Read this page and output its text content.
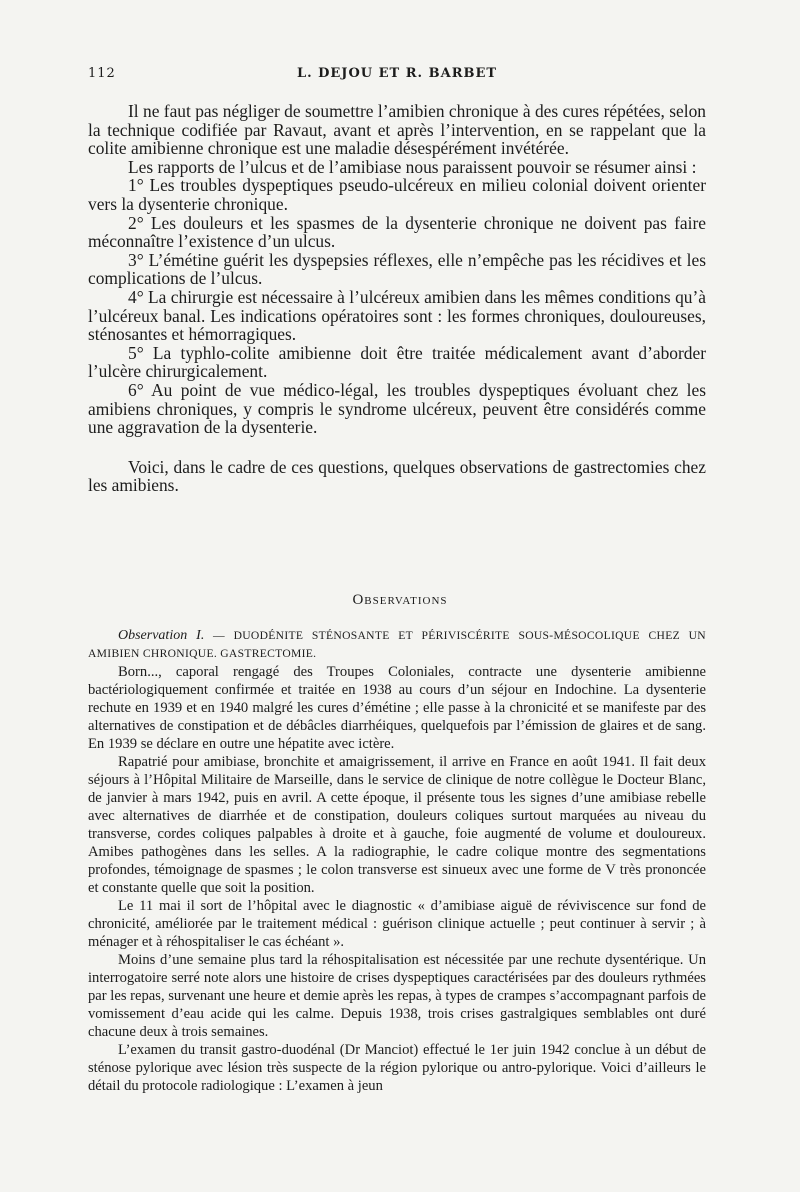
112	L. DEJOU ET R. BARBET

Il ne faut pas négliger de soumettre l’amibien chronique à des cures répétées, selon la technique codifiée par Ravaut, avant et après l’intervention, en se rappelant que la colite amibienne chronique est une maladie désespérément invétérée.

Les rapports de l’ulcus et de l’amibiase nous paraissent pouvoir se résumer ainsi :

1° Les troubles dyspeptiques pseudo-ulcéreux en milieu colonial doivent orienter vers la dysenterie chronique.

2° Les douleurs et les spasmes de la dysenterie chronique ne doivent pas faire méconnaître l’existence d’un ulcus.

3° L’émétine guérit les dyspepsies réflexes, elle n’empêche pas les récidives et les complications de l’ulcus.

4° La chirurgie est nécessaire à l’ulcéreux amibien dans les mêmes conditions qu’à l’ulcéreux banal. Les indications opératoires sont : les formes chroniques, douloureuses, sténosantes et hémorragiques.

5° La typhlo-colite amibienne doit être traitée médicalement avant d’aborder l’ulcère chirurgicalement.

6° Au point de vue médico-légal, les troubles dyspeptiques évoluant chez les amibiens chroniques, y compris le syndrome ulcéreux, peuvent être considérés comme une aggravation de la dysenterie.

Voici, dans le cadre de ces questions, quelques observations de gastrectomies chez les amibiens.

Observations
Observation I. — DUODÉNITE STÉNOSANTE ET PÉRIVISCÉRITE SOUS-MÉSOCOLIQUE CHEZ UN AMIBIEN CHRONIQUE. GASTRECTOMIE.

Born..., caporal rengagé des Troupes Coloniales, contracte une dysenterie amibienne bactériologiquement confirmée et traitée en 1938 au cours d’un séjour en Indochine. La dysenterie rechute en 1939 et en 1940 malgré les cures d’émétine ; elle passe à la chronicité et se manifeste par des alternatives de constipation et de débâcles diarrhéiques, quelquefois par l’émission de glaires et de sang. En 1939 se déclare en outre une hépatite avec ictère.

Rapatrié pour amibiase, bronchite et amaigrissement, il arrive en France en août 1941. Il fait deux séjours à l’Hôpital Militaire de Marseille, dans le service de clinique de notre collègue le Docteur Blanc, de janvier à mars 1942, puis en avril. A cette époque, il présente tous les signes d’une amibiase rebelle avec alternatives de diarrhée et de constipation, douleurs coliques surtout marquées au niveau du transverse, cordes coliques palpables à droite et à gauche, foie augmenté de volume et douloureux. Amibes pathogènes dans les selles. A la radiographie, le cadre colique montre des segmentations profondes, témoignage de spasmes ; le colon transverse est sinueux avec une forme de V très prononcée et constante quelle que soit la position.

Le 11 mai il sort de l’hôpital avec le diagnostic « d’amibiase aiguë de réviviscence sur fond de chronicité, améliorée par le traitement médical : guérison clinique actuelle ; peut continuer à servir ; à ménager et à réhospitaliser le cas échéant ».

Moins d’une semaine plus tard la réhospitalisation est nécessitée par une rechute dysentérique. Un interrogatoire serré note alors une histoire de crises dyspeptiques caractérisées par des douleurs rythmées par les repas, survenant une heure et demie après les repas, à types de crampes s’accompagnant parfois de vomissement d’eau acide qui les calme. Depuis 1938, trois crises gastralgiques semblables ont duré chacune deux à trois semaines.

L’examen du transit gastro-duodénal (Dr Manciot) effectué le 1er juin 1942 conclue à un début de sténose pylorique avec lésion très suspecte de la région pylorique ou antro-pylorique. Voici d’ailleurs le détail du protocole radiologique : L’examen à jeun
